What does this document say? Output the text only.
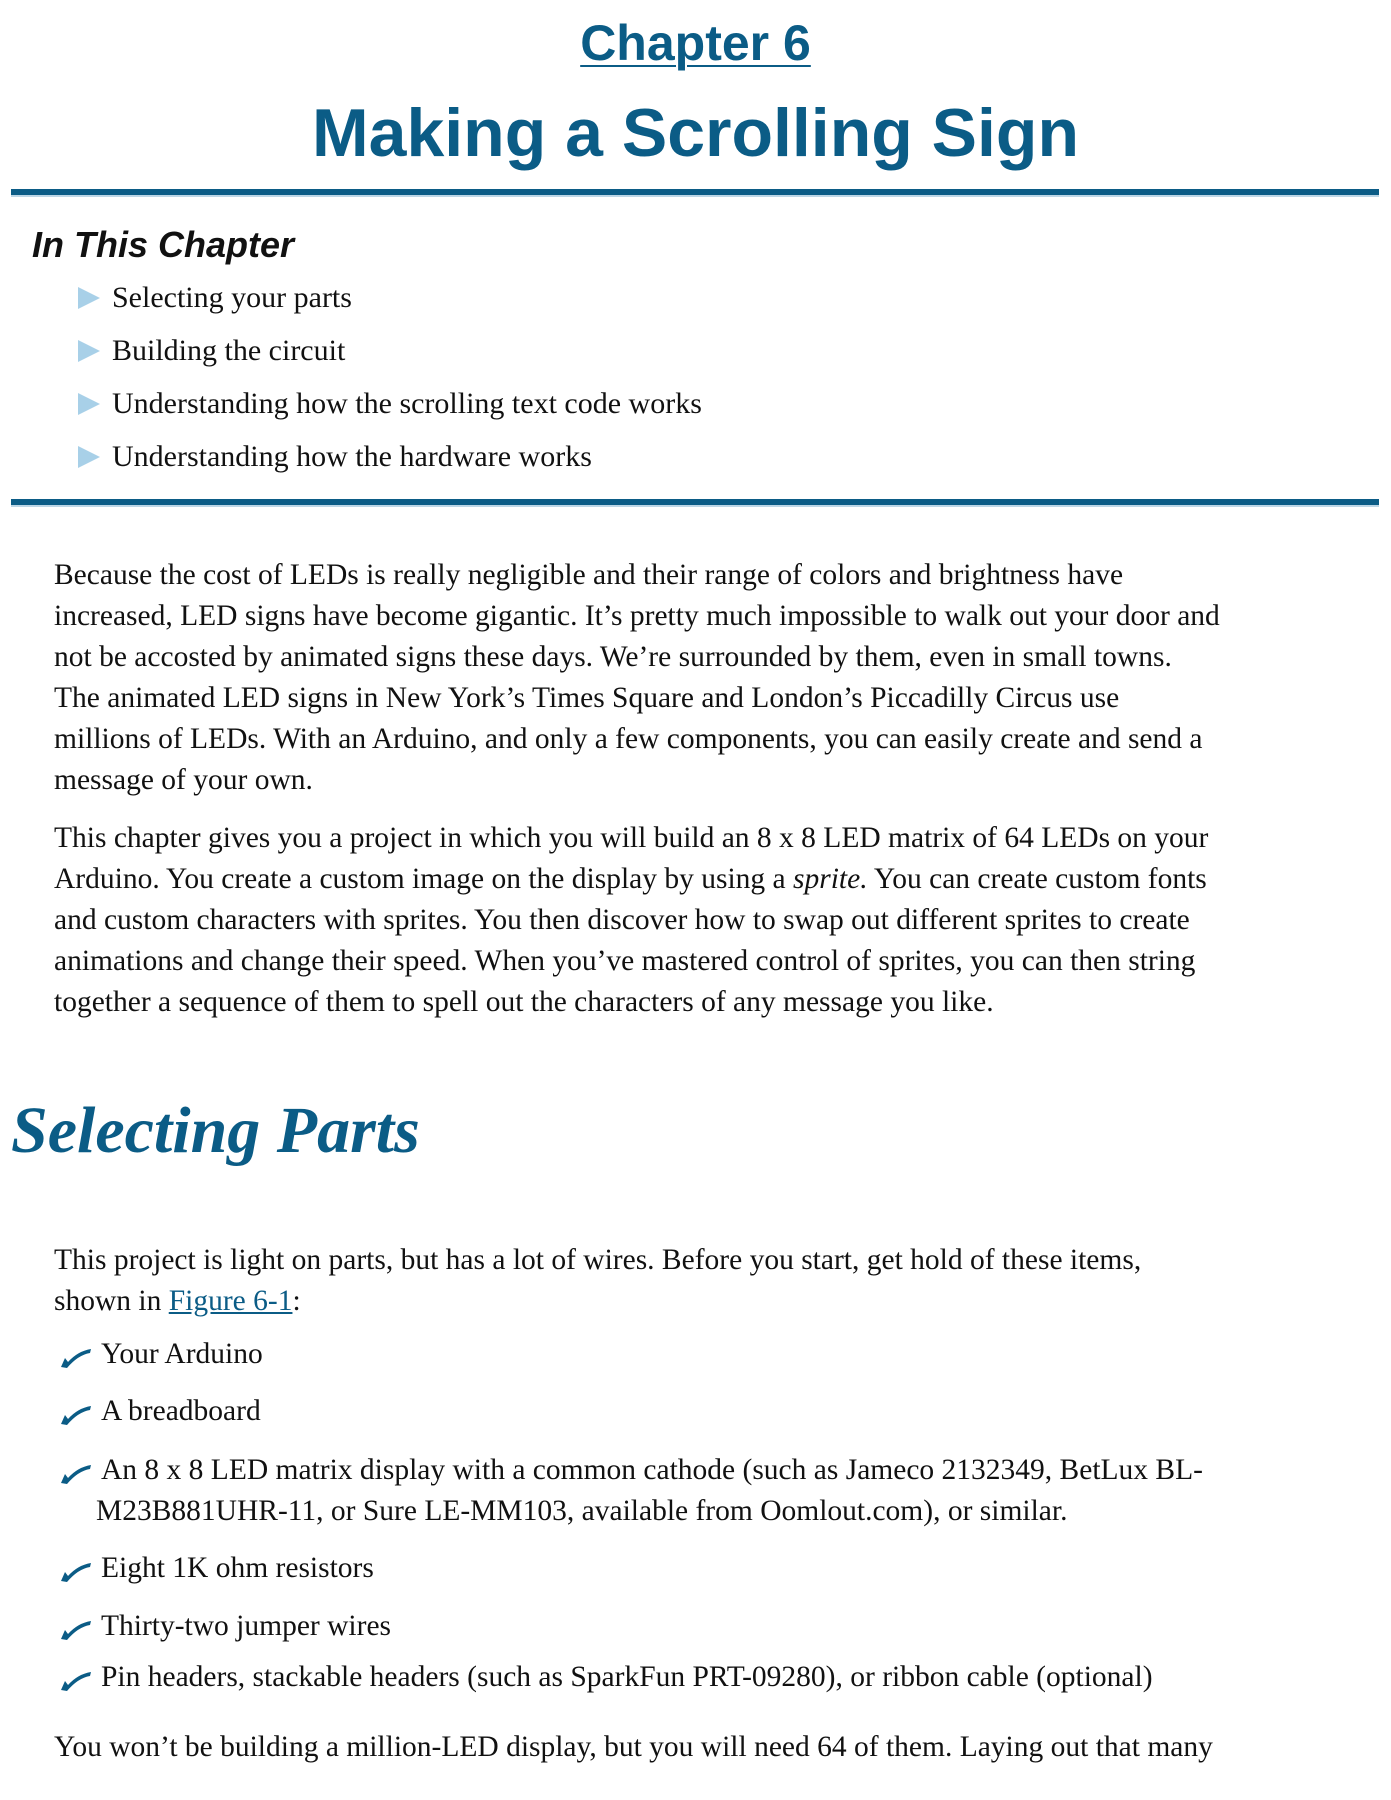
Chapter 6
Making a Scrolling Sign
In This Chapter
Selecting your parts
Building the circuit
Understanding how the scrolling text code works
Understanding how the hardware works
Because the cost of LEDs is really negligible and their range of colors and brightness have
increased, LED signs have become gigantic. It’s pretty much impossible to walk out your door and
not be accosted by animated signs these days. We’re surrounded by them, even in small towns.
The animated LED signs in New York’s Times Square and London’s Piccadilly Circus use
millions of LEDs. With an Arduino, and only a few components, you can easily create and send a
message of your own.
This chapter gives you a project in which you will build an 8 x 8 LED matrix of 64 LEDs on your
Arduino. You create a custom image on the display by using a sprite. You can create custom fonts
and custom characters with sprites. You then discover how to swap out different sprites to create
animations and change their speed. When you’ve mastered control of sprites, you can then string
together a sequence of them to spell out the characters of any message you like.
Selecting Parts
This project is light on parts, but has a lot of wires. Before you start, get hold of these items,
shown in Figure 6-1:
Your Arduino
A breadboard
An 8 x 8 LED matrix display with a common cathode (such as Jameco 2132349, BetLux BL-
M23B881UHR-11, or Sure LE-MM103, available from Oomlout.com), or similar.
Eight 1K ohm resistors
Thirty-two jumper wires
Pin headers, stackable headers (such as SparkFun PRT-09280), or ribbon cable (optional)
You won’t be building a million-LED display, but you will need 64 of them. Laying out that many
